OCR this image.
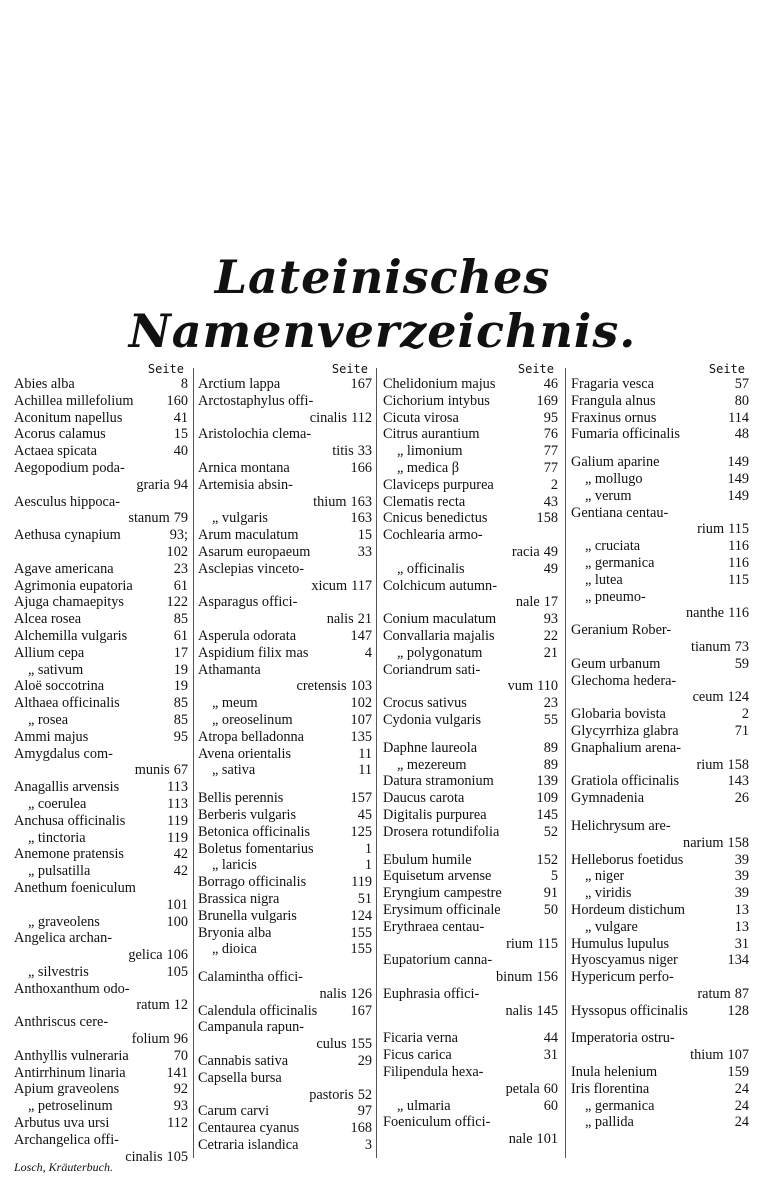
Lateinisches Namenverzeichnis.
Seite
Abies alba	8
Achillea millefolium 160
Aconitum napellus	41
Acorus calamus	15
Actaea spicata	40
Aegopodium poda-
graria 94
Aesculus hippoca-
stanum 79
Aethusa cynapium	93;
102
Agave americana	23
Agrimonia eupatoria	61
Ajuga chamaepitys	122
Alcea rosea	85
Alchemilla vulgaris	61
Allium cepa	17
„ sativum	19
Aloë soccotrina	19
Althaea officinalis	85
„ rosea	85
Ammi majus	95
Amygdalus com-
munis 67
Anagallis arvensis	113
„ coerulea	113
Anchusa officinalis	119
„ tinctoria	119
Anemone pratensis	42
„ pulsatilla	42
Anethum foeniculum
101
„ graveolens	100
Angelica archan-
gelica 106
„ silvestris	105
Anthoxanthum odo-
ratum 12
Anthriscus cere-
folium 96
Anthyllis vulneraria	70
Antirrhinum linaria	141
Apium graveolens	92
„ petroselinum	93
Arbutus uva ursi	112
Archangelica offi-
cinalis 105
Seite
Arctium lappa	167
Arctostaphylus offi-
cinalis 112
Aristolochia clema-
titis 33
Arnica montana	166
Artemisia absin-
thium 163
„ vulgaris	163
Arum maculatum	15
Asarum europaeum	33
Asclepias vinceto-
xicum 117
Asparagus offici-
nalis 21
Asperula odorata	147
Aspidium filix mas	4
Athamanta
cretensis 103
„ meum	102
„ oreoselinum	107
Atropa belladonna	135
Avena orientalis	11
„ sativa	11
Bellis perennis	157
Berberis vulgaris	45
Betonica officinalis	125
Boletus fomentarius	1
„ laricis	1
Borrago officinalis	119
Brassica nigra	51
Brunella vulgaris	124
Bryonia alba	155
„ dioica	155
Calamintha offici-
nalis 126
Calendula officinalis 167
Campanula rapun-
culus 155
Cannabis sativa	29
Capsella bursa
pastoris 52
Carum carvi	97
Centaurea cyanus	168
Cetraria islandica	3
Seite
Chelidonium majus	46
Cichorium intybus	169
Cicuta virosa	95
Citrus aurantium	76
„ limonium	77
„ medica β	77
Claviceps purpurea	2
Clematis recta	43
Cnicus benedictus	158
Cochlearia armo-
racia 49
„ officinalis	49
Colchicum autumn-
nale 17
Conium maculatum	93
Convallaria majalis	22
„ polygonatum	21
Coriandrum sati-
vum 110
Crocus sativus	23
Cydonia vulgaris	55
Daphne laureola	89
„ mezereum	89
Datura stramonium	139
Daucus carota	109
Digitalis purpurea	145
Drosera rotundifolia	52
Ebulum humile	152
Equisetum arvense	5
Eryngium campestre	91
Erysimum officinale	50
Erythraea centau-
rium 115
Eupatorium canna-
binum 156
Euphrasia offici-
nalis 145
Ficaria verna	44
Ficus carica	31
Filipendula hexa-
petala 60
„ ulmaria	60
Foeniculum offici-
nale 101
Seite
Fragaria vesca	57
Frangula alnus	80
Fraxinus ornus	114
Fumaria officinalis	48
Galium aparine	149
„ mollugo	149
„ verum	149
Gentiana centau-
rium 115
„ cruciata	116
„ germanica	116
„ lutea	115
„ pneumo-
nanthe 116
Geranium Rober-
tianum 73
Geum urbanum	59
Glechoma hedera-
ceum 124
Globaria bovista	2
Glycyrrhiza glabra	71
Gnaphalium arena-
rium 158
Gratiola officinalis	143
Gymnadenia	26
Helichrysum are-
narium 158
Helleborus foetidus	39
„ niger	39
„ viridis	39
Hordeum distichum	13
„ vulgare	13
Humulus lupulus	31
Hyoscyamus niger	134
Hypericum perfo-
ratum 87
Hyssopus officinalis	128
Imperatoria ostru-
thium 107
Inula helenium	159
Iris florentina	24
„ germanica	24
„ pallida	24
Losch, Kräuterbuch.
